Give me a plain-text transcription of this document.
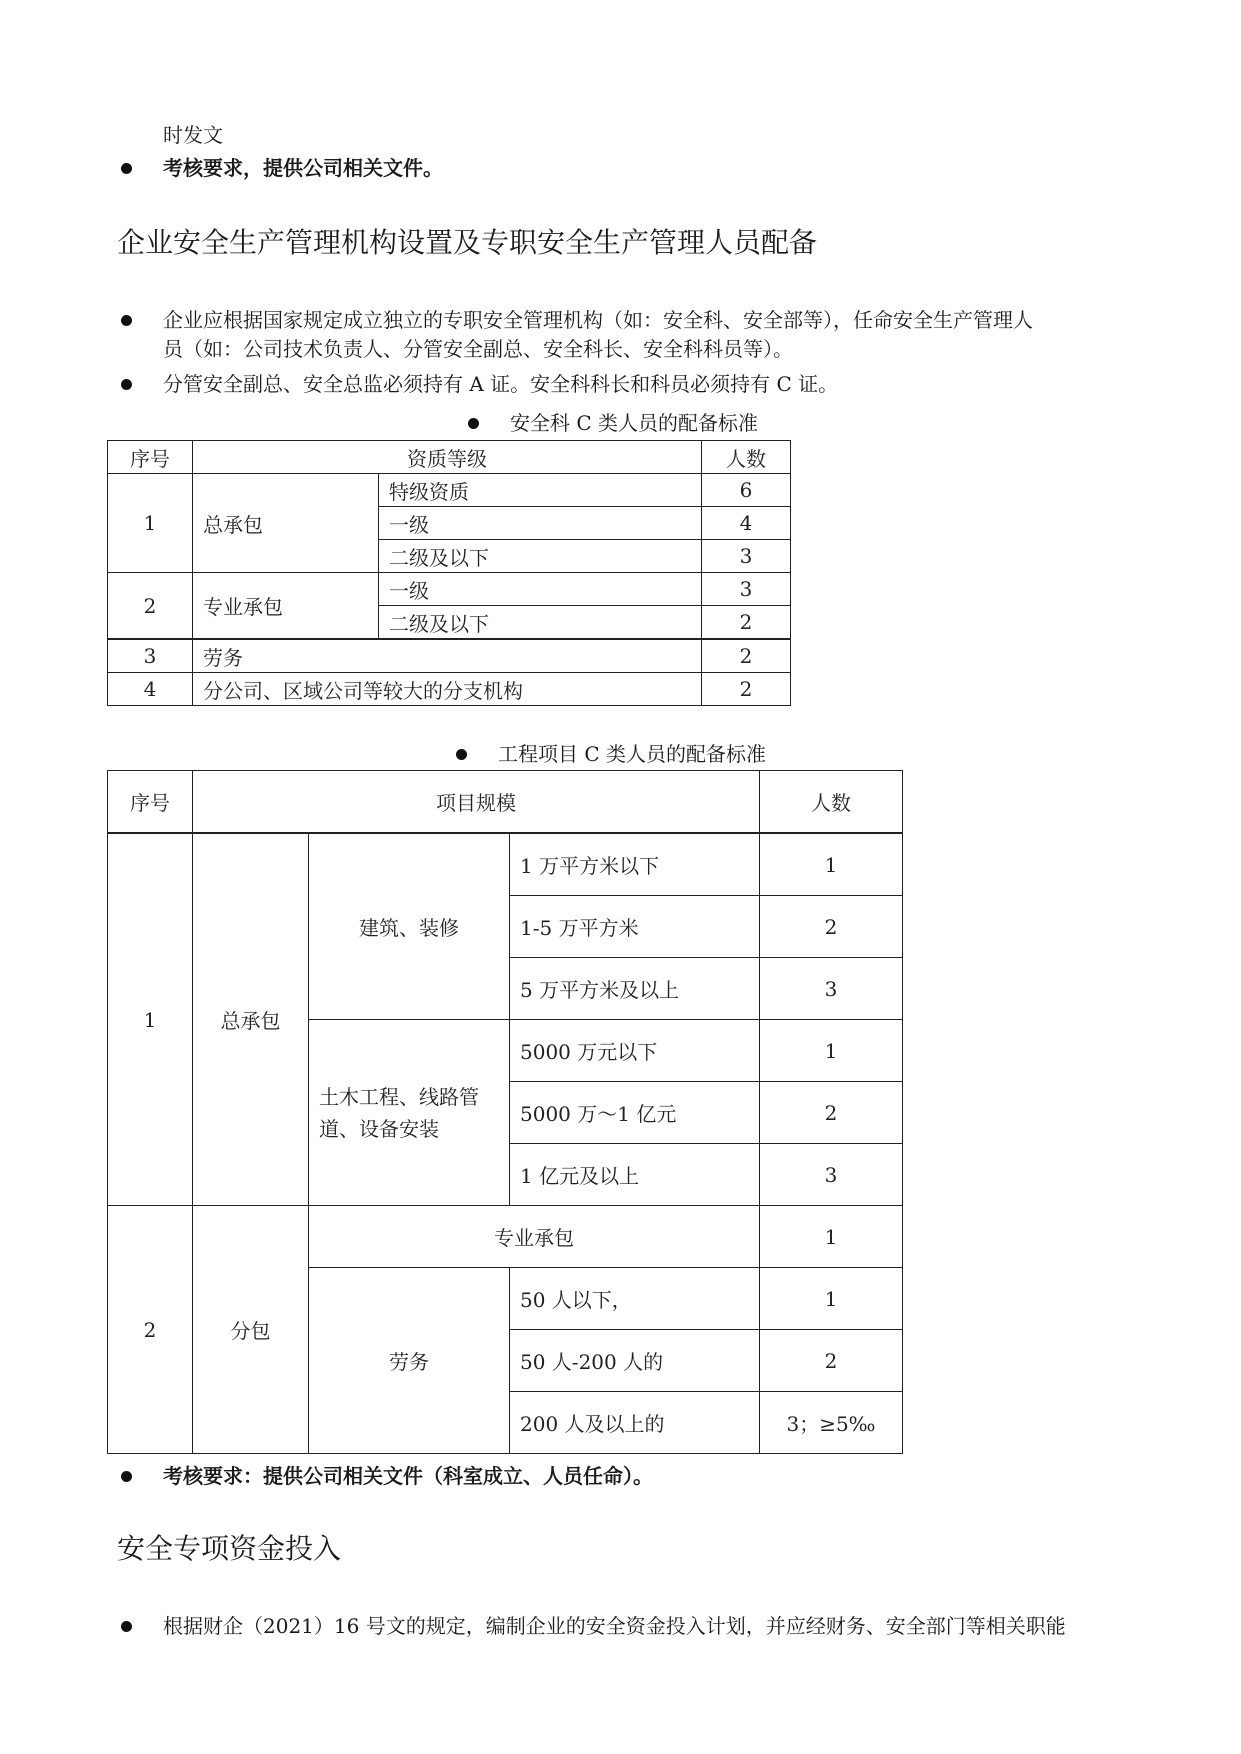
时发文
考核要求，提供公司相关文件。
企业安全生产管理机构设置及专职安全生产管理人员配备
企业应根据国家规定成立独立的专职安全管理机构（如：安全科、安全部等），任命安全生产管理人
员（如：公司技术负责人、分管安全副总、安全科长、安全科科员等）。
分管安全副总、安全总监必须持有 A 证。安全科科长和科员必须持有 C 证。
安全科 C 类人员的配备标准
序号	资质等级		人数
1	总承包	特级资质	6
		一级	4
		二级及以下	3
2	专业承包	一级	3
		二级及以下	2
3	劳务		2
4	分公司、区域公司等较大的分支机构		2
工程项目 C 类人员的配备标准
序号	项目规模			人数
1	总承包	建筑、装修	1 万平方米以下	1
			1-5 万平方米	2
			5 万平方米及以上	3
		土木工程、线路管道、设备安装	5000 万元以下	1
			5000 万～1 亿元	2
			1 亿元及以上	3
2	分包	专业承包		1
		劳务	50 人以下，	1
			50 人-200 人的	2
			200 人及以上的	3；≥5‰
考核要求：提供公司相关文件（科室成立、人员任命）。
安全专项资金投入
根据财企（2021）16 号文的规定，编制企业的安全资金投入计划，并应经财务、安全部门等相关职能
